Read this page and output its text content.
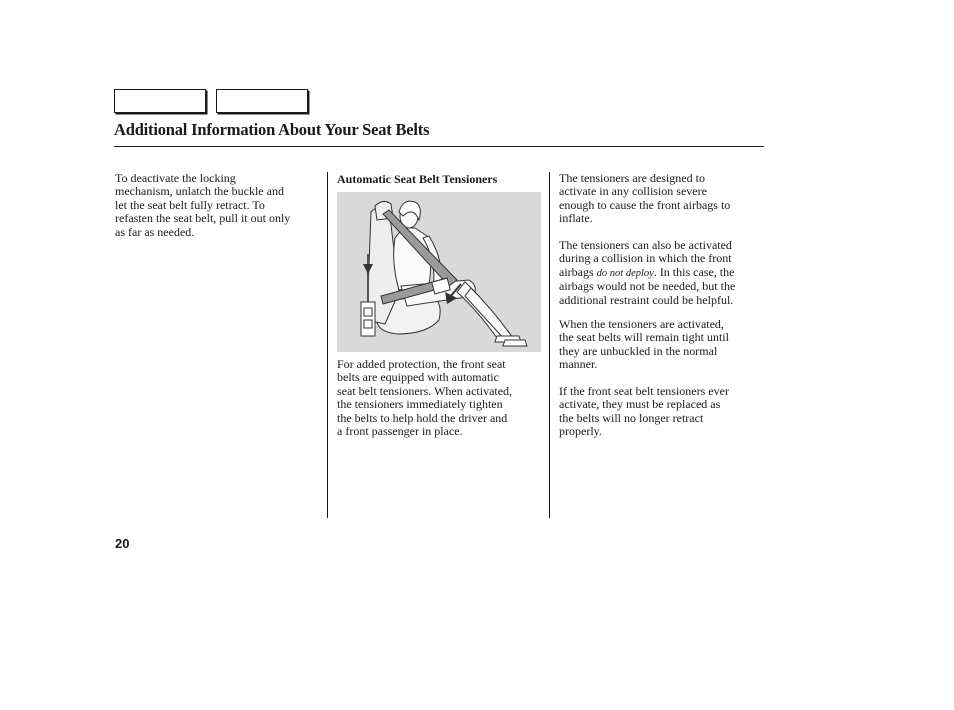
Additional Information About Your Seat Belts

To deactivate the locking
mechanism, unlatch the buckle and
let the seat belt fully retract. To
refasten the seat belt, pull it out only
as far as needed.

Automatic Seat Belt Tensioners

For added protection, the front seat
belts are equipped with automatic
seat belt tensioners. When activated,
the tensioners immediately tighten
the belts to help hold the driver and
a front passenger in place.

The tensioners are designed to
activate in any collision severe
enough to cause the front airbags to
inflate.

The tensioners can also be activated
during a collision in which the front
airbags do not deploy. In this case, the
airbags would not be needed, but the
additional restraint could be helpful.

When the tensioners are activated,
the seat belts will remain tight until
they are unbuckled in the normal
manner.

If the front seat belt tensioners ever
activate, they must be replaced as
the belts will no longer retract
properly.

20
